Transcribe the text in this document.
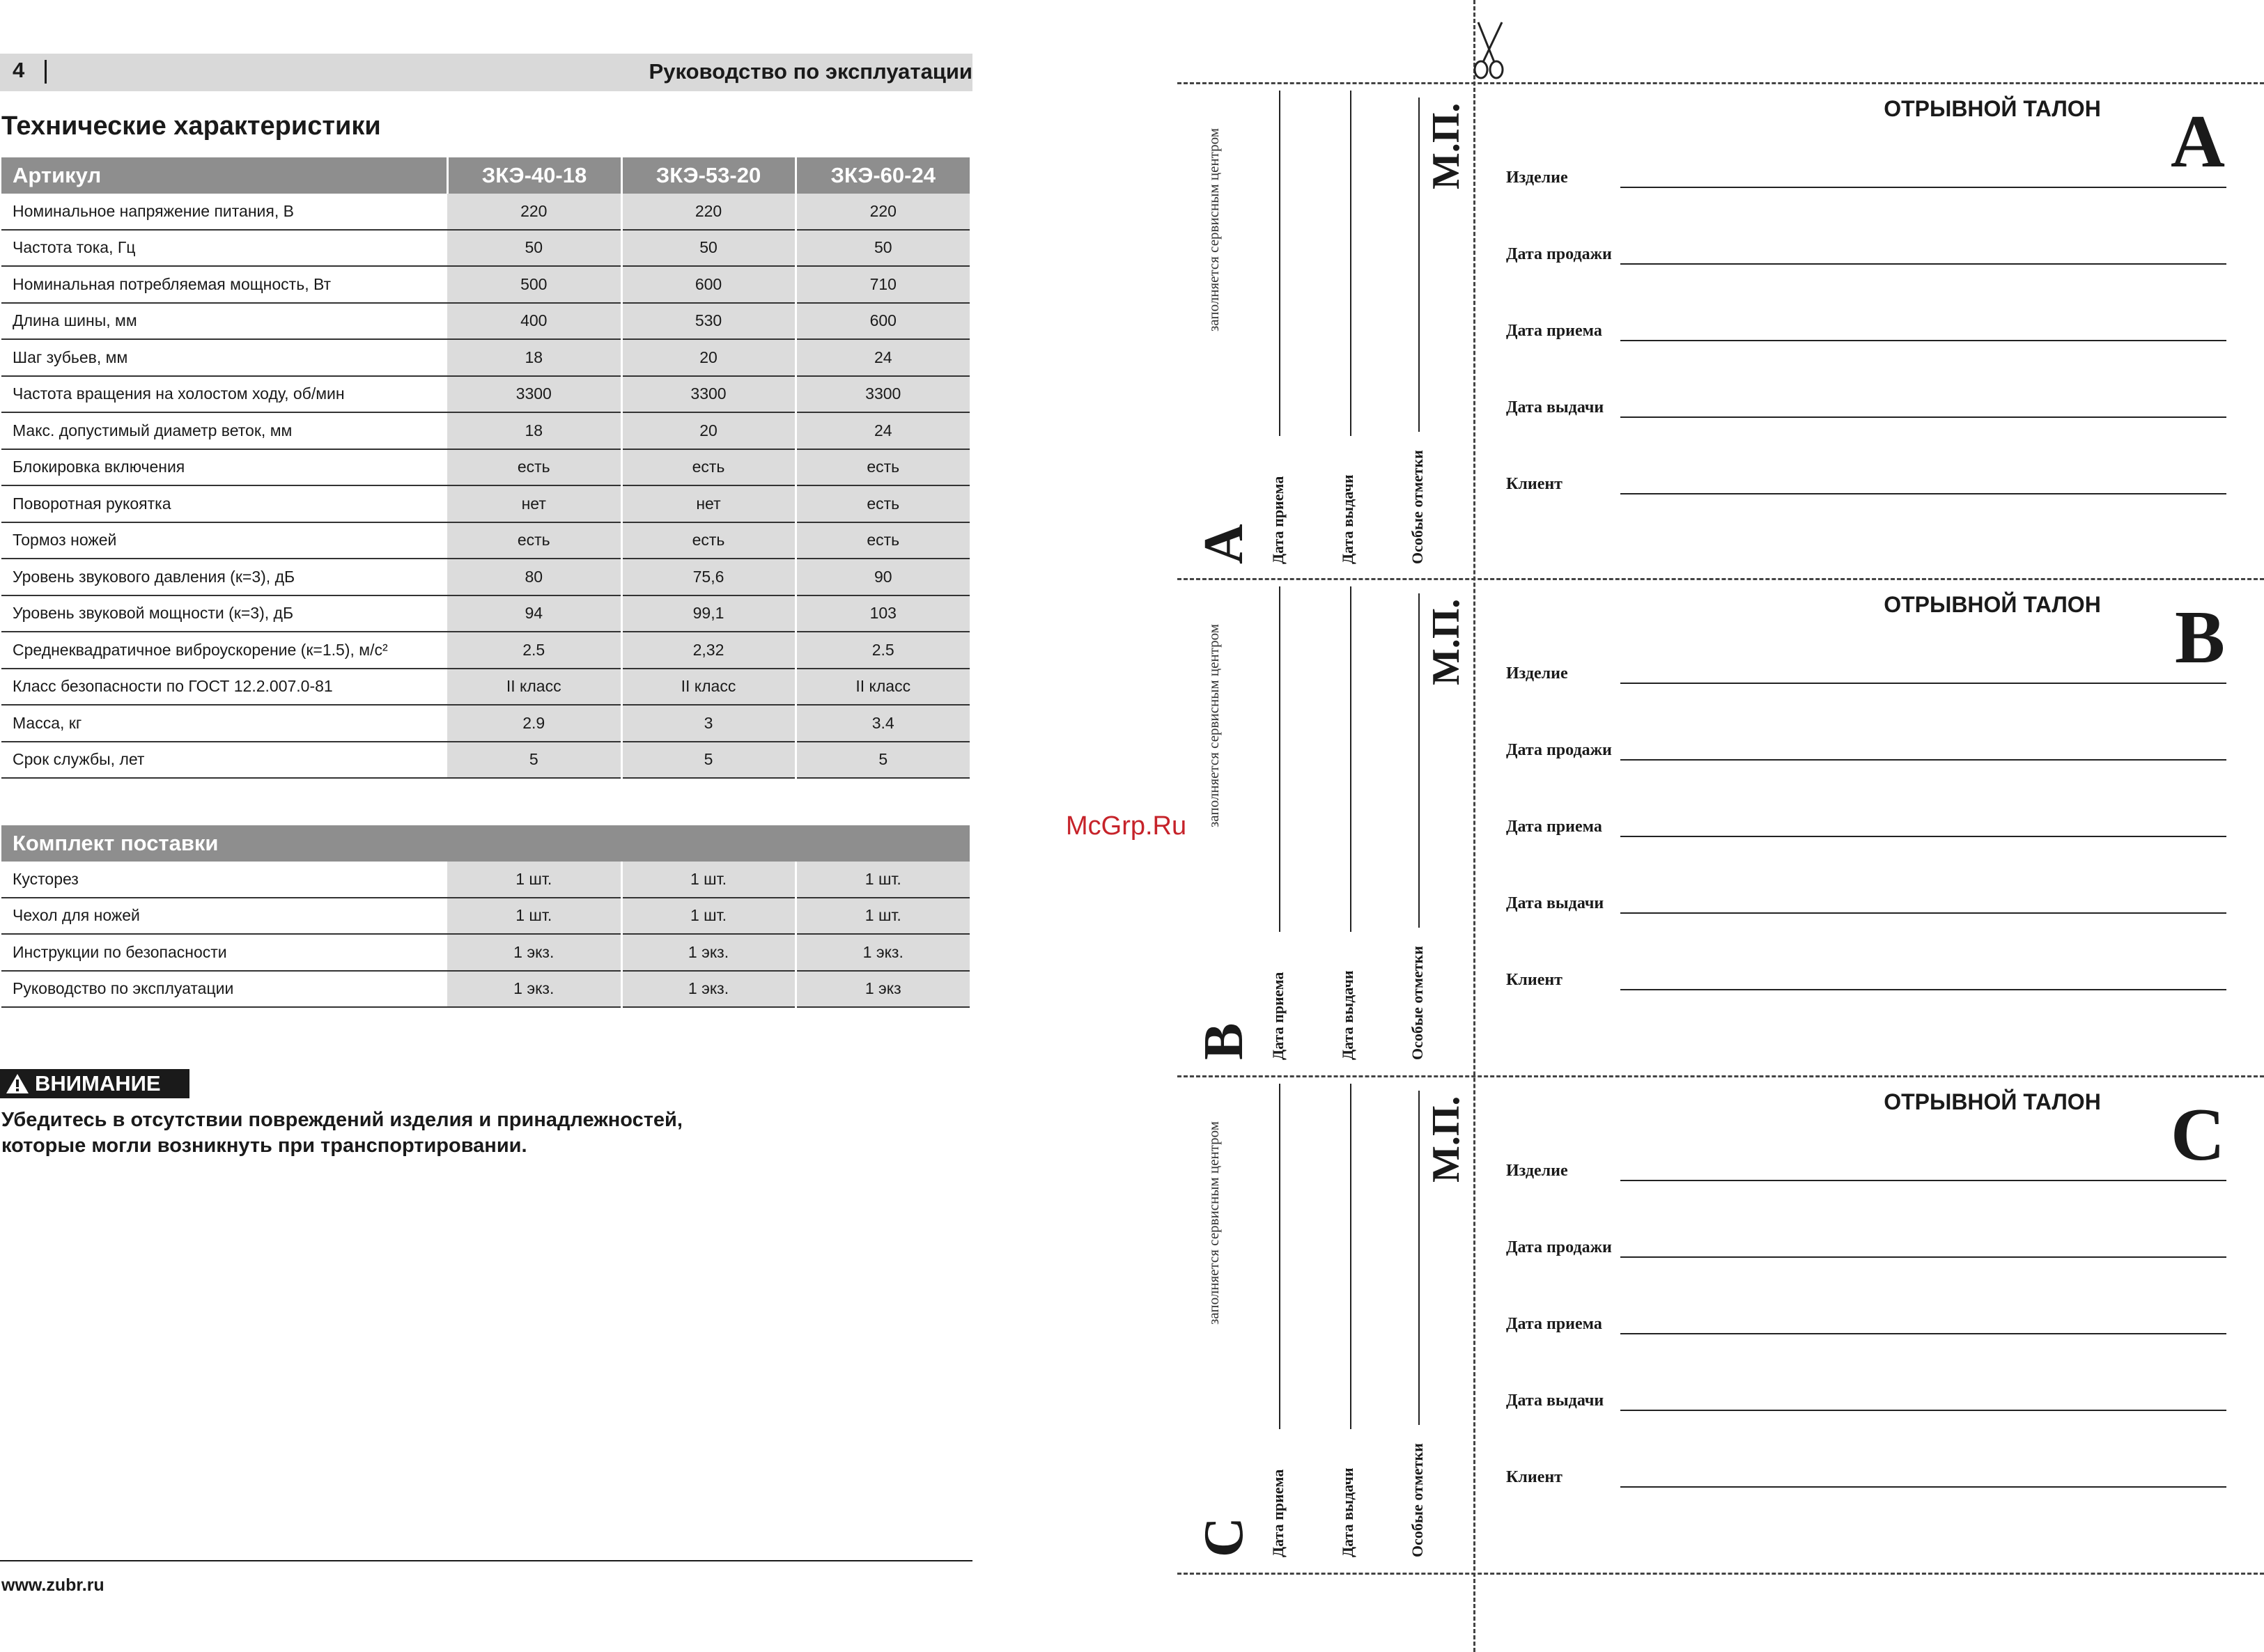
4	Руководство по эксплуатации
Технические характеристики
Артикул	ЗКЭ-40-18	ЗКЭ-53-20	ЗКЭ-60-24
Номинальное напряжение питания, В	220	220	220
Частота тока, Гц	50	50	50
Номинальная потребляемая мощность, Вт	500	600	710
Длина шины, мм	400	530	600
Шаг зубьев, мм	18	20	24
Частота вращения на холостом ходу, об/мин	3300	3300	3300
Макс. допустимый диаметр веток, мм	18	20	24
Блокировка включения	есть	есть	есть
Поворотная рукоятка	нет	нет	есть
Тормоз ножей	есть	есть	есть
Уровень звукового давления (к=3), дБ	80	75,6	90
Уровень звуковой мощности (к=3), дБ	94	99,1	103
Среднеквадратичное виброускорение (к=1.5), м/с²	2.5	2,32	2.5
Класс безопасности по ГОСТ 12.2.007.0-81	II класс	II класс	II класс
Масса, кг	2.9	3	3.4
Срок службы, лет	5	5	5
Комплект поставки			
Кусторез	1 шт.	1 шт.	1 шт.
Чехол для ножей	1 шт.	1 шт.	1 шт.
Инструкции по безопасности	1 экз.	1 экз.	1 экз.
Руководство по эксплуатации	1 экз.	1 экз.	1 экз
ВНИМАНИЕ
Убедитесь в отсутствии повреждений изделия и принадлежностей,
которые могли возникнуть при транспортировании.
www.zubr.ru
McGrp.Ru
A
заполняется сервисным центром
Дата приема	Дата выдачи	Особые отметки
М.П.	ОТРЫВНОЙ ТАЛОН A
Изделие
Дата продажи
Дата приема
Дата выдачи
Клиент
B
заполняется сервисным центром
Дата приема	Дата выдачи	Особые отметки
М.П.	ОТРЫВНОЙ ТАЛОН B
Изделие
Дата продажи
Дата приема
Дата выдачи
Клиент
C
заполняется сервисным центром
Дата приема	Дата выдачи	Особые отметки
М.П.	ОТРЫВНОЙ ТАЛОН C
Изделие
Дата продажи
Дата приема
Дата выдачи
Клиент
